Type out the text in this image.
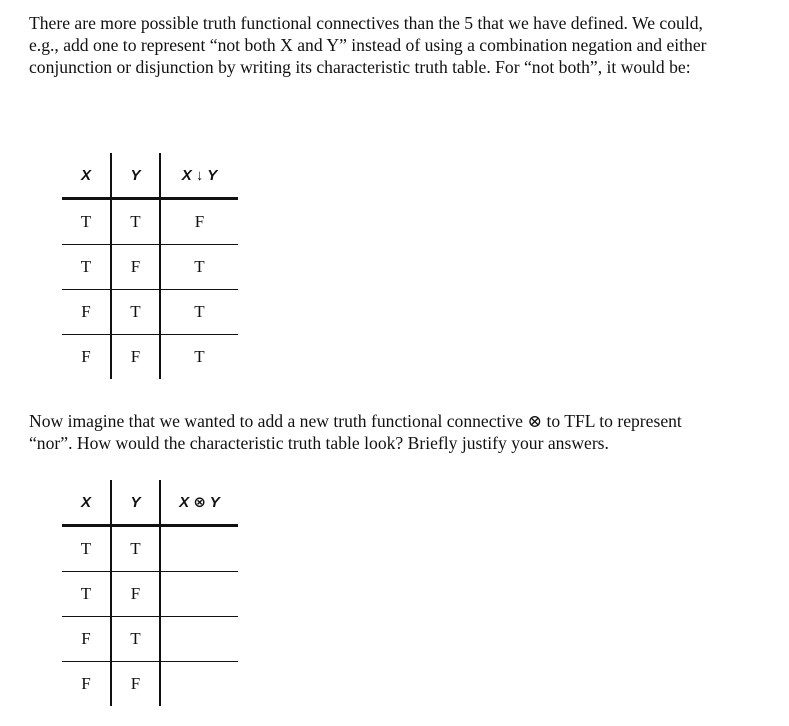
There are more possible truth functional connectives than the 5 that we have defined. We could,
e.g., add one to represent “not both X and Y” instead of using a combination negation and either
conjunction or disjunction by writing its characteristic truth table. For “not both”, it would be:

X	Y	X ↓ Y
T	T	F
T	F	T
F	T	T
F	F	T

Now imagine that we wanted to add a new truth functional connective ⊗ to TFL to represent
“nor”. How would the characteristic truth table look? Briefly justify your answers.

X	Y	X ⊗ Y
T	T	
T	F	
F	T	
F	F	
